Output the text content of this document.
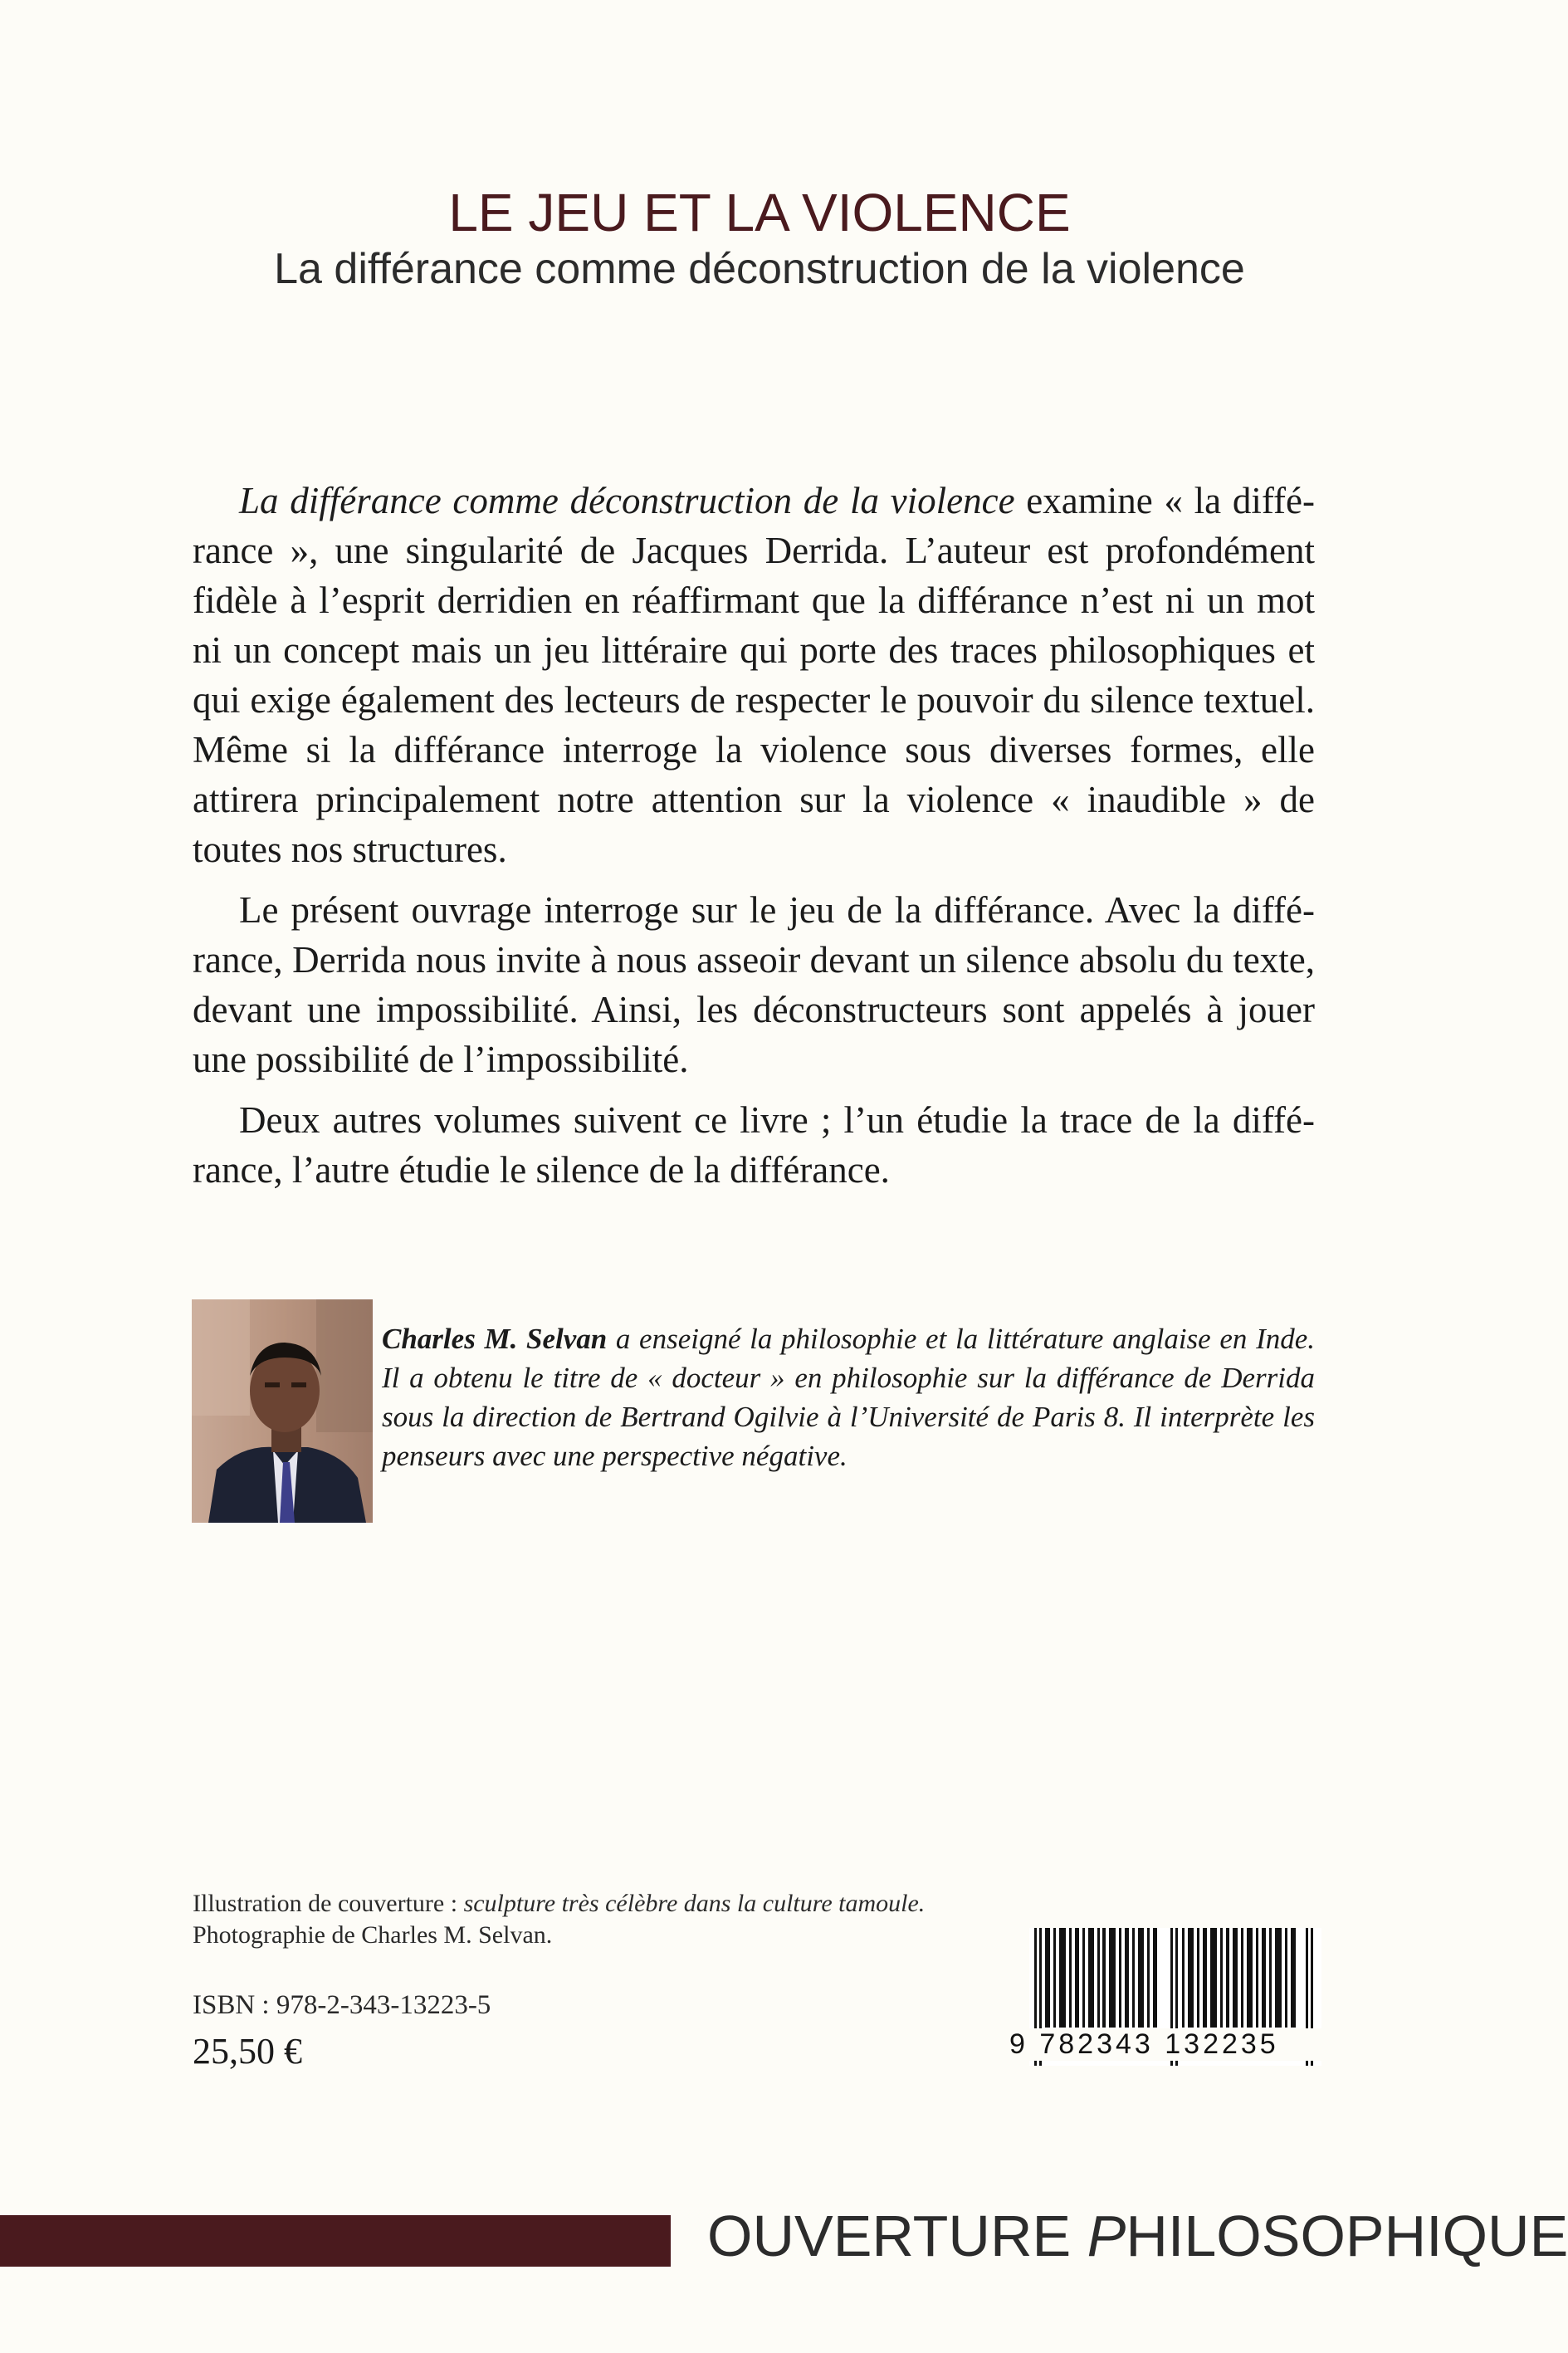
LE JEU ET LA VIOLENCE
La différance comme déconstruction de la violence

La différance comme déconstruction de la violence examine « la différance », une singularité de Jacques Derrida. L’auteur est profondément fidèle à l’esprit derridien en réaffirmant que la différance n’est ni un mot ni un concept mais un jeu littéraire qui porte des traces philosophiques et qui exige également des lecteurs de respecter le pouvoir du silence textuel. Même si la différance interroge la violence sous diverses formes, elle attirera principalement notre attention sur la violence « inaudible » de toutes nos structures.

Le présent ouvrage interroge sur le jeu de la différance. Avec la différance, Derrida nous invite à nous asseoir devant un silence absolu du texte, devant une impossibilité. Ainsi, les déconstructeurs sont appelés à jouer une possibilité de l’impossibilité.

Deux autres volumes suivent ce livre ; l’un étudie la trace de la différance, l’autre étudie le silence de la différance.

Charles M. Selvan a enseigné la philosophie et la littérature anglaise en Inde. Il a obtenu le titre de « docteur » en philosophie sur la différance de Derrida sous la direction de Bertrand Ogilvie à l’Université de Paris 8. Il interprète les penseurs avec une perspective négative.
Illustration de couverture : sculpture très célèbre dans la culture tamoule.
Photographie de Charles M. Selvan.
ISBN : 978-2-343-13223-5
25,50 €	9 782343 132235
OUVERTURE PHILOSOPHIQUE
